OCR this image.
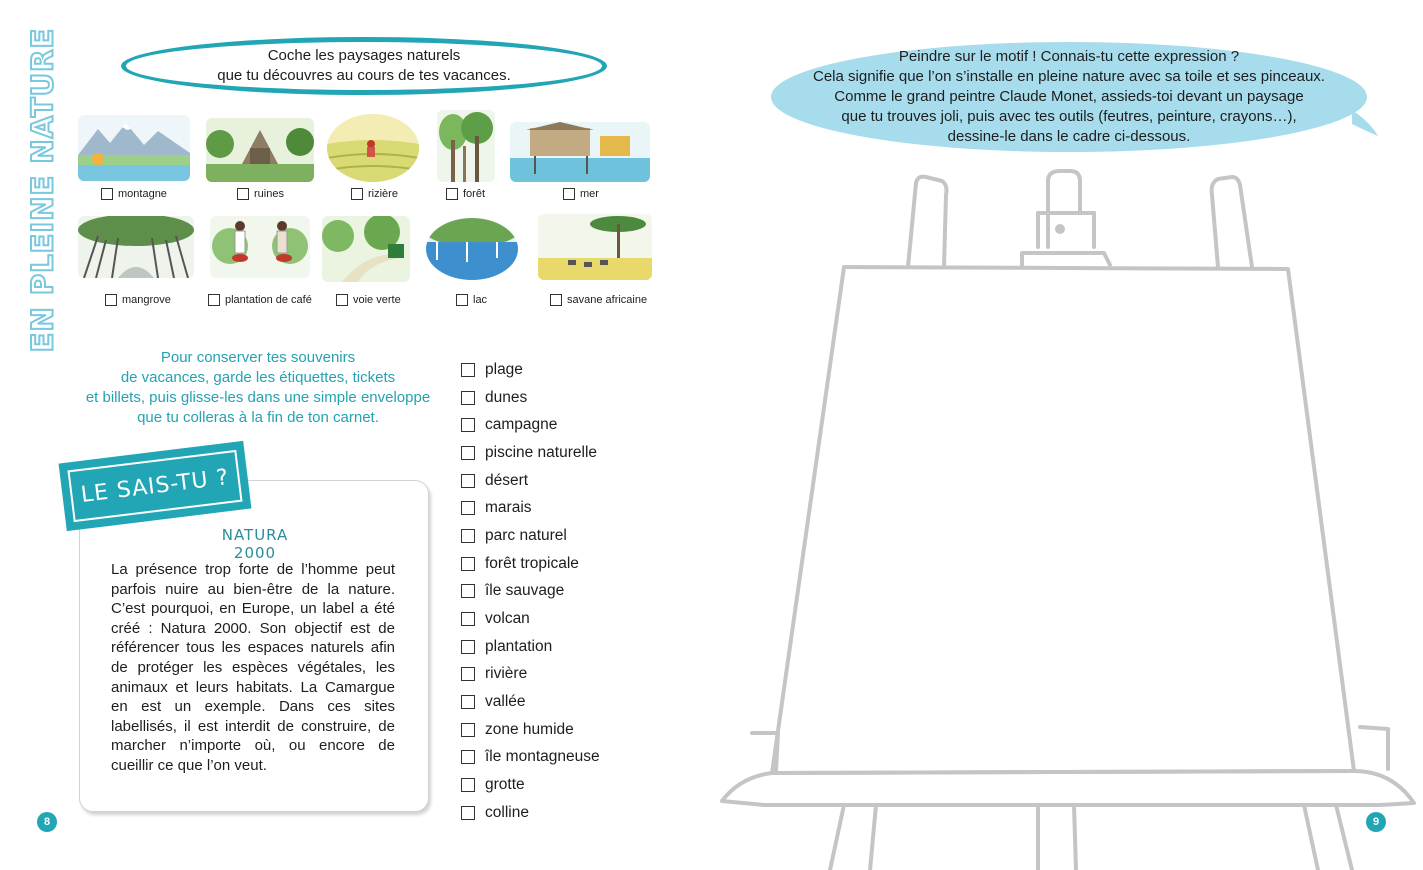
EN PLEINE NATURE	Coche les paysages naturels
que tu découvres au cours de tes vacances.
montagne	ruines	rizière	forêt	mer
mangrove	plantation de café	voie verte	lac	savane africaine
Pour conserver tes souvenirs
de vacances, garde les étiquettes, tickets
et billets, puis glisse-les dans une simple enveloppe
que tu colleras à la fin de ton carnet.
plage
dunes
campagne
piscine naturelle
désert
marais
parc naturel
forêt tropicale
île sauvage
volcan
plantation
rivière
vallée
zone humide
île montagneuse
grotte
colline
LE SAIS-TU ?
NATURA 2000
La présence trop forte de l’homme peut parfois nuire au bien-être de la nature. C’est pourquoi, en Europe, un label a été créé : Natura 2000. Son objectif est de référencer tous les espaces naturels afin de protéger les espèces végétales, les animaux et leurs habitats. La Camargue en est un exemple. Dans ces sites labellisés, il est interdit de construire, de marcher n’importe où, ou encore de cueillir ce que l’on veut.
8	9
Peindre sur le motif ! Connais-tu cette expression ?
Cela signifie que l’on s’installe en pleine nature avec sa toile et ses pinceaux.
Comme le grand peintre Claude Monet, assieds-toi devant un paysage
que tu trouves joli, puis avec tes outils (feutres, peinture, crayons…),
dessine-le dans le cadre ci-dessous.
